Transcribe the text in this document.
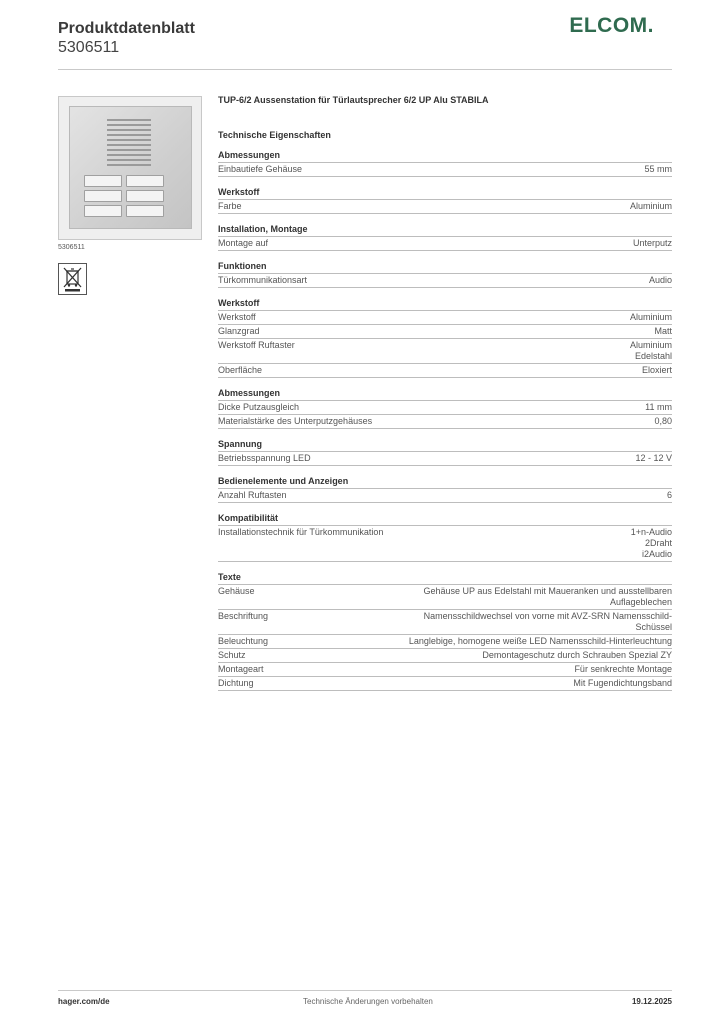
Produktdatenblatt
5306511
ELCOM.
5306511
TUP-6/2 Aussenstation für Türlautsprecher 6/2 UP Alu STABILA
Technische Eigenschaften
Abmessungen
Einbautiefe Gehäuse	55 mm
Werkstoff
Farbe	Aluminium
Installation, Montage
Montage auf	Unterputz
Funktionen
Türkommunikationsart	Audio
Werkstoff
Werkstoff	Aluminium
Glanzgrad	Matt
Werkstoff Ruftaster	Aluminium
Edelstahl
Oberfläche	Eloxiert
Abmessungen
Dicke Putzausgleich	11 mm
Materialstärke des Unterputzgehäuses	0,80
Spannung
Betriebsspannung LED	12 - 12 V
Bedienelemente und Anzeigen
Anzahl Ruftasten	6
Kompatibilität
Installationstechnik für Türkommunikation	1+n-Audio
2Draht
i2Audio
Texte
Gehäuse	Gehäuse UP aus Edelstahl mit Maueranken und ausstellbaren Auflageblechen
Beschriftung	Namensschildwechsel von vorne mit AVZ-SRN Namensschild-Schüssel
Beleuchtung	Langlebige, homogene weiße LED Namensschild-Hinterleuchtung
Schutz	Demontageschutz durch Schrauben Spezial ZY
Montageart	Für senkrechte Montage
Dichtung	Mit Fugendichtungsband
hager.com/de	Technische Änderungen vorbehalten	19.12.2025
